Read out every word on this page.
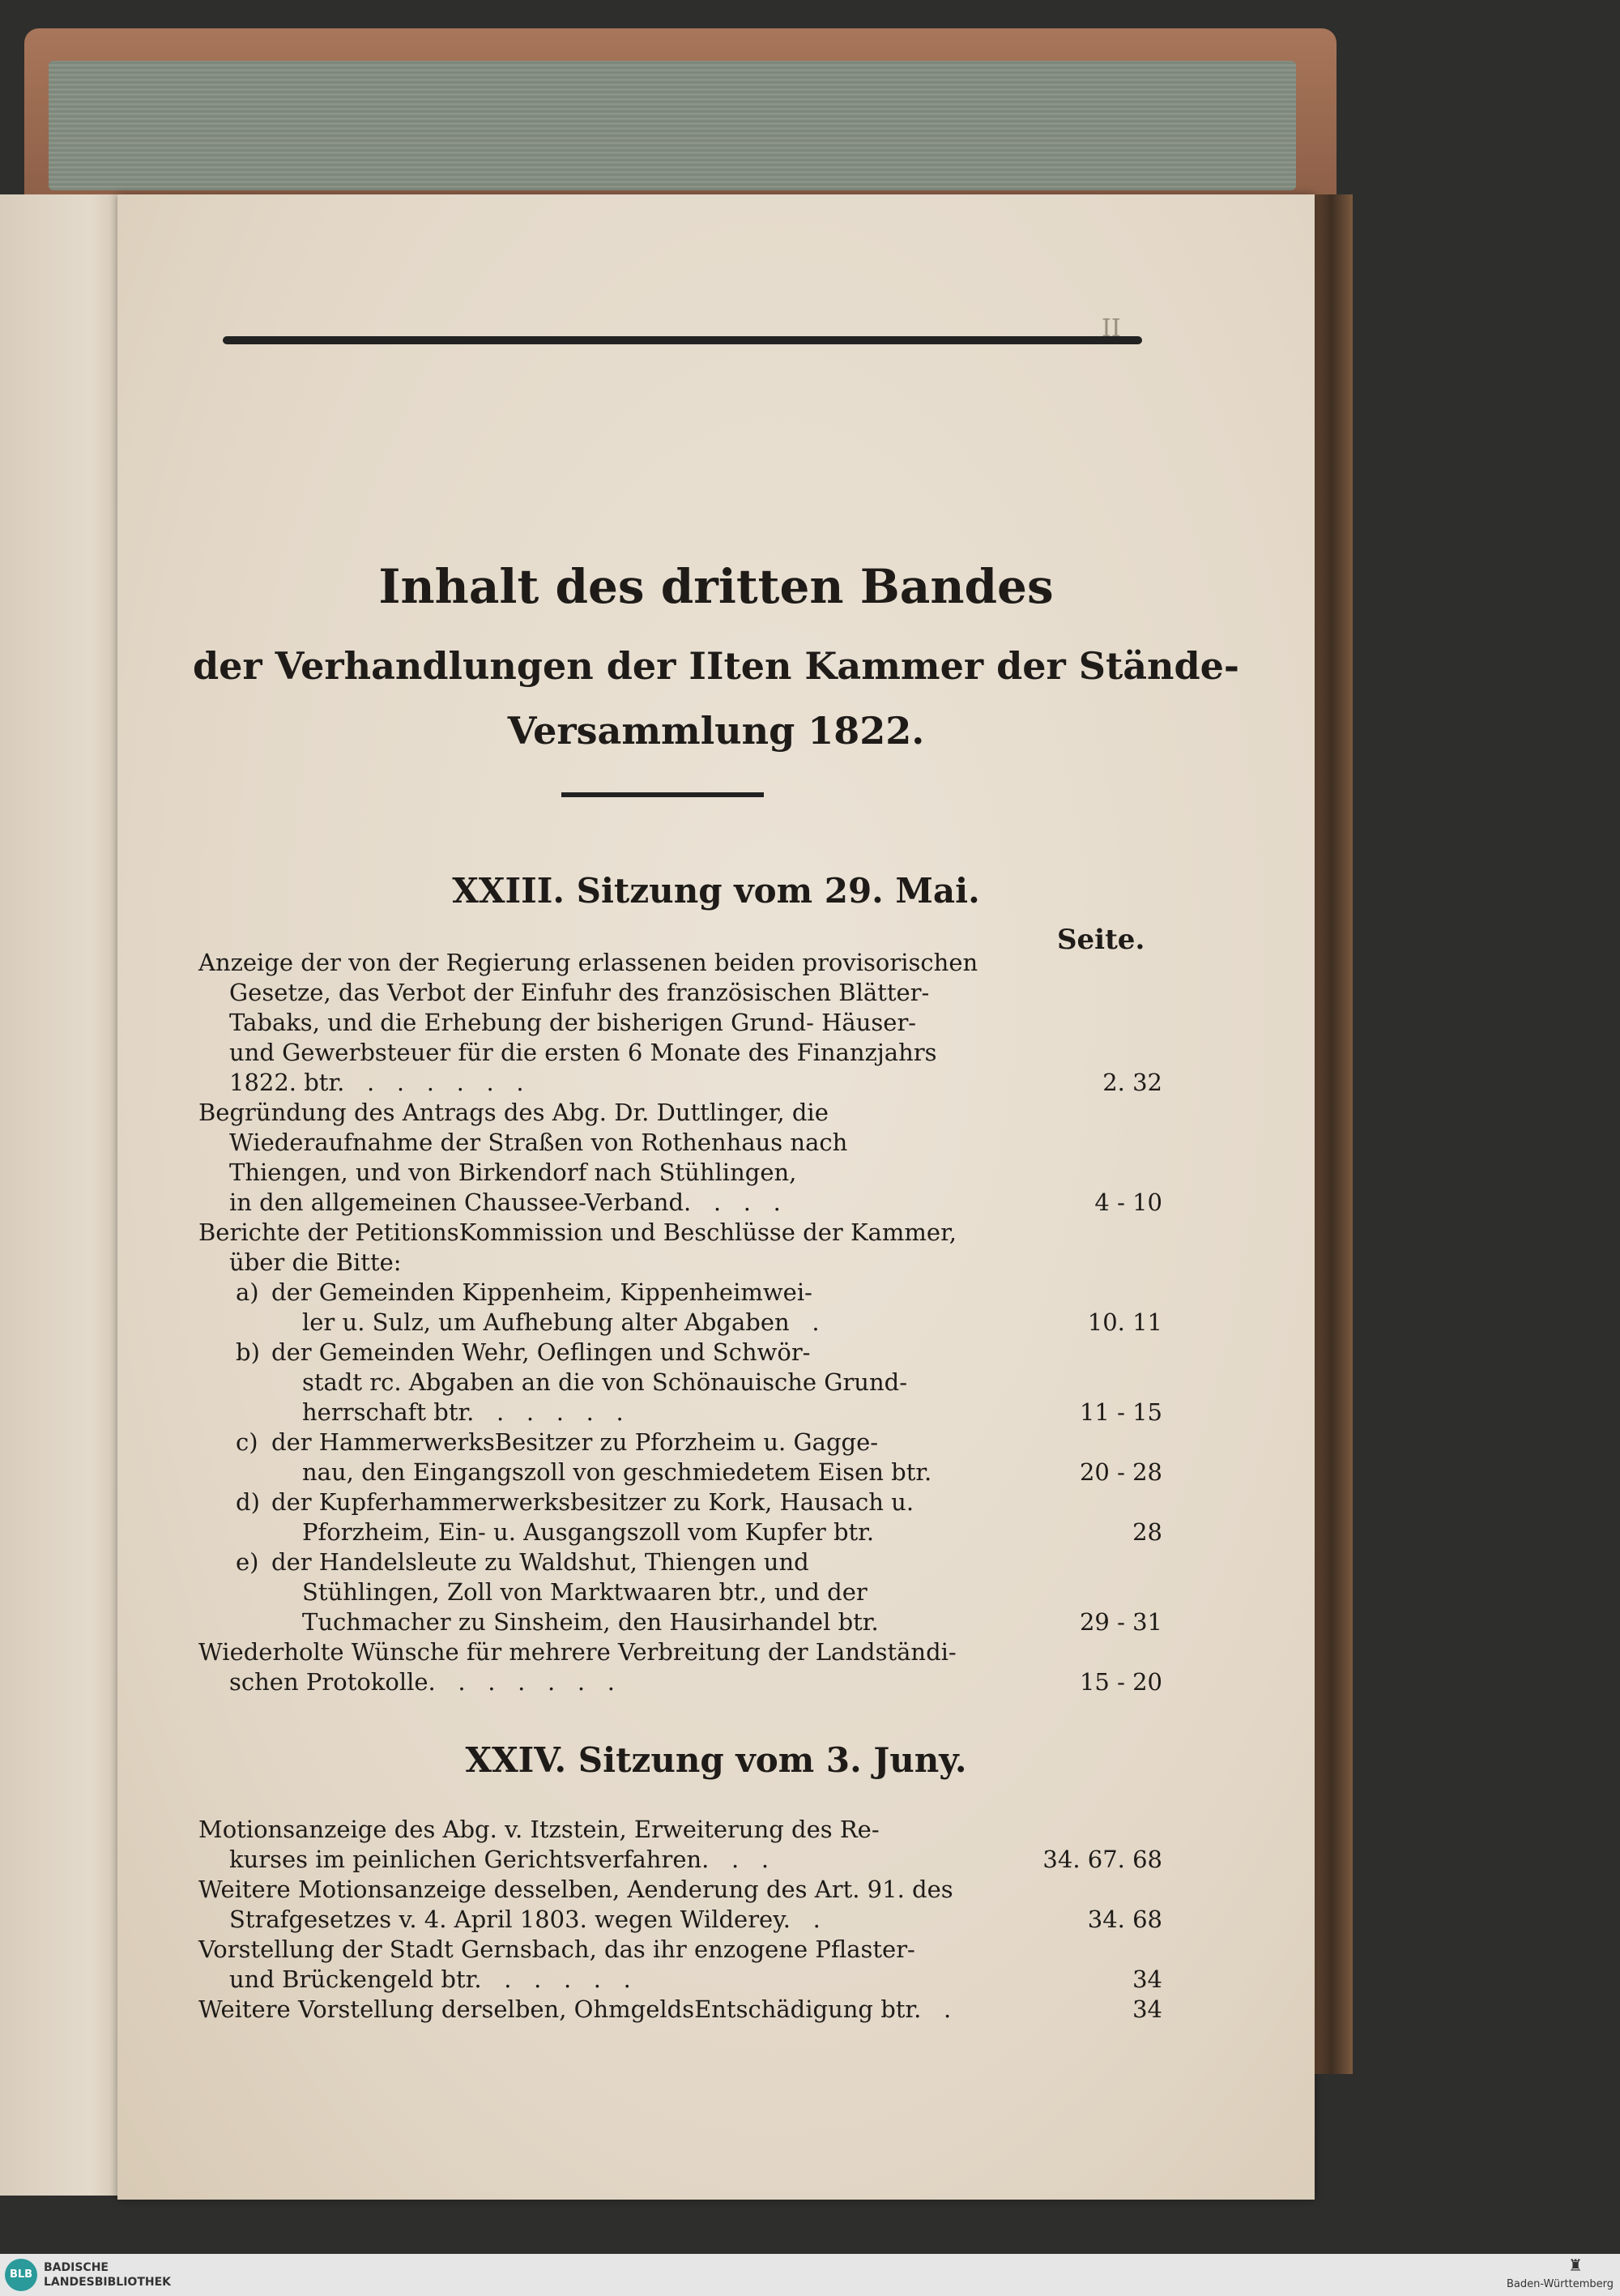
II
Inhalt des dritten Bandes
der Verhandlungen der IIten Kammer der Stände-
Versammlung 1822.
Seite.
XXIII. Sitzung vom 29. Mai.
Anzeige der von der Regierung erlassenen beiden provisorischen
Gesetze, das Verbot der Einfuhr des französischen Blätter-
Tabaks, und die Erhebung der bisherigen Grund- Häuser-
und Gewerbsteuer für die ersten 6 Monate des Finanzjahrs
1822. btr.   .   .   .   .   .   .	2. 32
Begründung des Antrags des Abg. Dr. Duttlinger, die
Wiederaufnahme der Straßen von Rothenhaus nach
Thiengen, und von Birkendorf nach Stühlingen,
in den allgemeinen Chaussee-Verband.   .   .   .	4 - 10
Berichte der PetitionsKommission und Beschlüsse der Kammer,
über die Bitte:
a) der Gemeinden Kippenheim, Kippenheimwei-
ler u. Sulz, um Aufhebung alter Abgaben   .	10. 11
b) der Gemeinden Wehr, Oeflingen und Schwör-
stadt rc. Abgaben an die von Schönauische Grund-
herrschaft btr.   .   .   .   .   .	11 - 15
c) der HammerwerksBesitzer zu Pforzheim u. Gagge-
nau, den Eingangszoll von geschmiedetem Eisen btr.	20 - 28
d) der Kupferhammerwerksbesitzer zu Kork, Hausach u.
Pforzheim, Ein- u. Ausgangszoll vom Kupfer btr.	28
e) der Handelsleute zu Waldshut, Thiengen und
Stühlingen, Zoll von Marktwaaren btr., und der
Tuchmacher zu Sinsheim, den Hausirhandel btr.	29 - 31
Wiederholte Wünsche für mehrere Verbreitung der Landständi-
schen Protokolle.   .   .   .   .   .   .	15 - 20
XXIV. Sitzung vom 3. Juny.
Motionsanzeige des Abg. v. Itzstein, Erweiterung des Re-
kurses im peinlichen Gerichtsverfahren.   .   .	34. 67. 68
Weitere Motionsanzeige desselben, Aenderung des Art. 91. des
Strafgesetzes v. 4. April 1803. wegen Wilderey.   .	34. 68
Vorstellung der Stadt Gernsbach, das ihr enzogene Pflaster-
und Brückengeld btr.   .   .   .   .   .	34
Weitere Vorstellung derselben, OhmgeldsEntschädigung btr.   .	34
BLB

BADISCHE
LANDESBIBLIOTHEK

♜
Baden-Württemberg
